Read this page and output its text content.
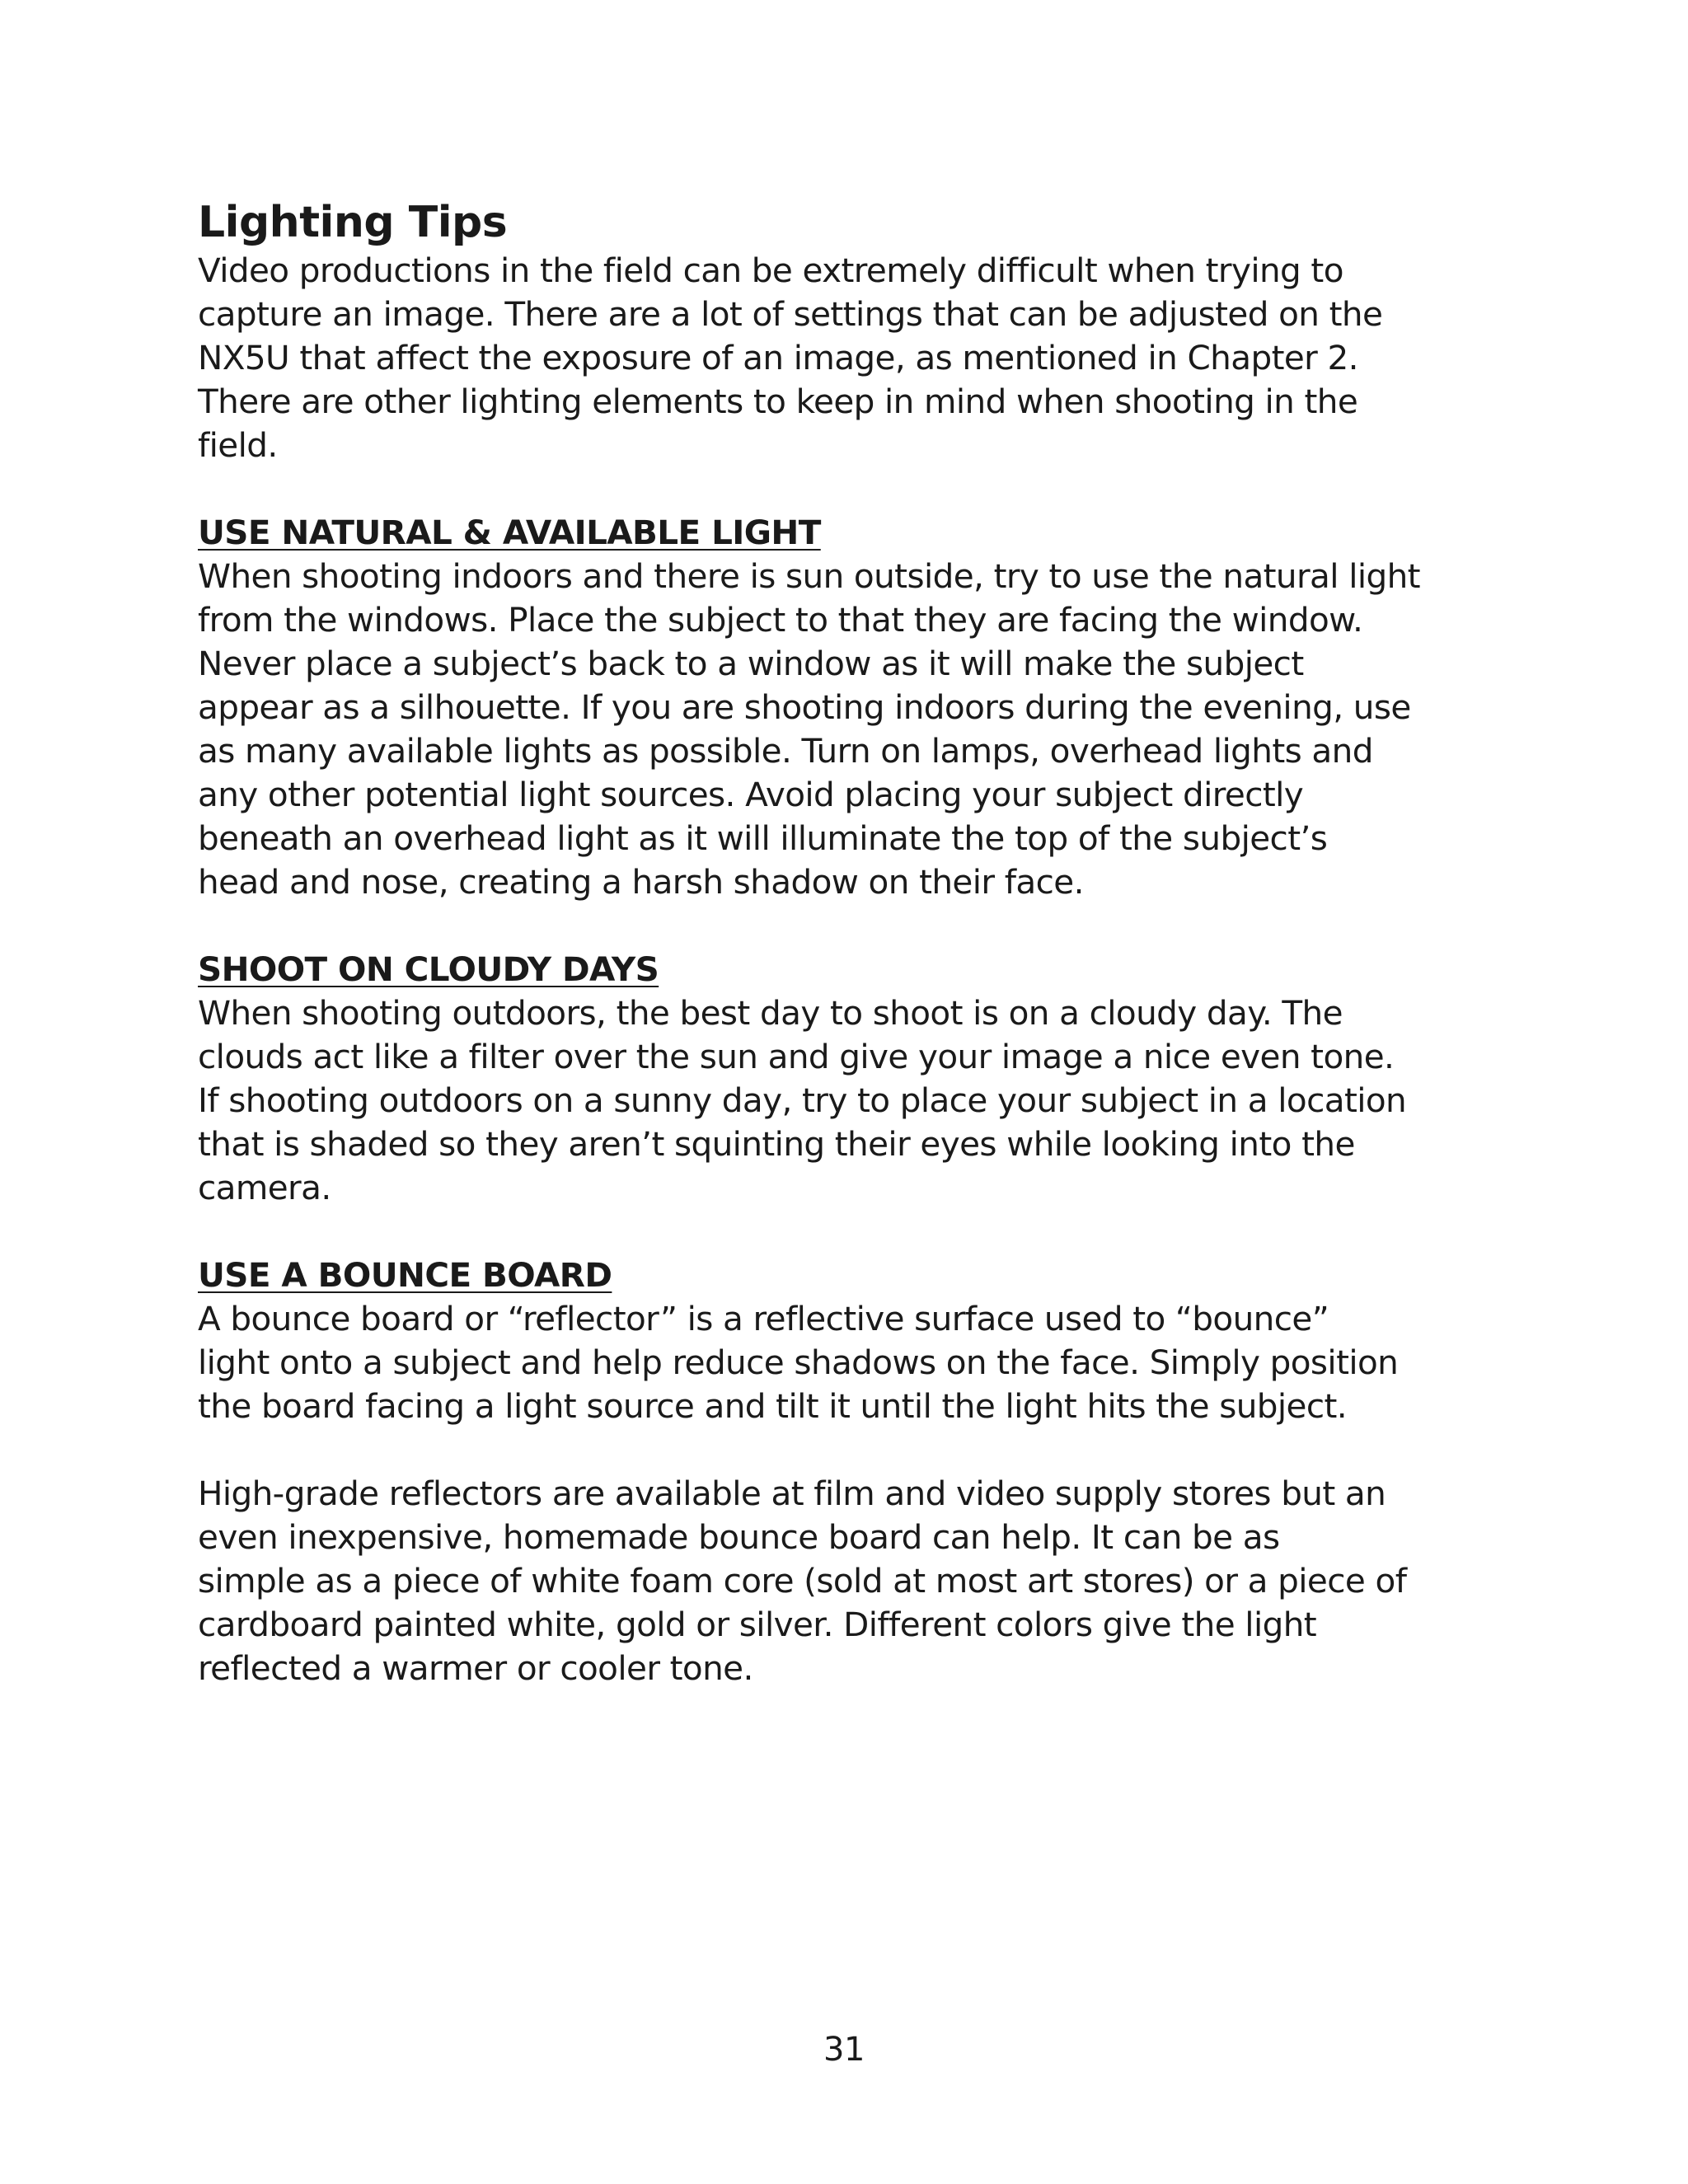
Lighting Tips

Video productions in the field can be extremely difficult when trying to
capture an image. There are a lot of settings that can be adjusted on the
NX5U that affect the exposure of an image, as mentioned in Chapter 2.
There are other lighting elements to keep in mind when shooting in the
field.

USE NATURAL & AVAILABLE LIGHT

When shooting indoors and there is sun outside, try to use the natural light
from the windows. Place the subject to that they are facing the window.
Never place a subject’s back to a window as it will make the subject
appear as a silhouette. If you are shooting indoors during the evening, use
as many available lights as possible. Turn on lamps, overhead lights and
any other potential light sources. Avoid placing your subject directly
beneath an overhead light as it will illuminate the top of the subject’s
head and nose, creating a harsh shadow on their face.

SHOOT ON CLOUDY DAYS

When shooting outdoors, the best day to shoot is on a cloudy day. The
clouds act like a filter over the sun and give your image a nice even tone.
If shooting outdoors on a sunny day, try to place your subject in a location
that is shaded so they aren’t squinting their eyes while looking into the
camera.

USE A BOUNCE BOARD

A bounce board or “reflector” is a reflective surface used to “bounce”
light onto a subject and help reduce shadows on the face. Simply position
the board facing a light source and tilt it until the light hits the subject.

High-grade reflectors are available at film and video supply stores but an
even inexpensive, homemade bounce board can help. It can be as
simple as a piece of white foam core (sold at most art stores) or a piece of
cardboard painted white, gold or silver. Different colors give the light
reflected a warmer or cooler tone.

31
